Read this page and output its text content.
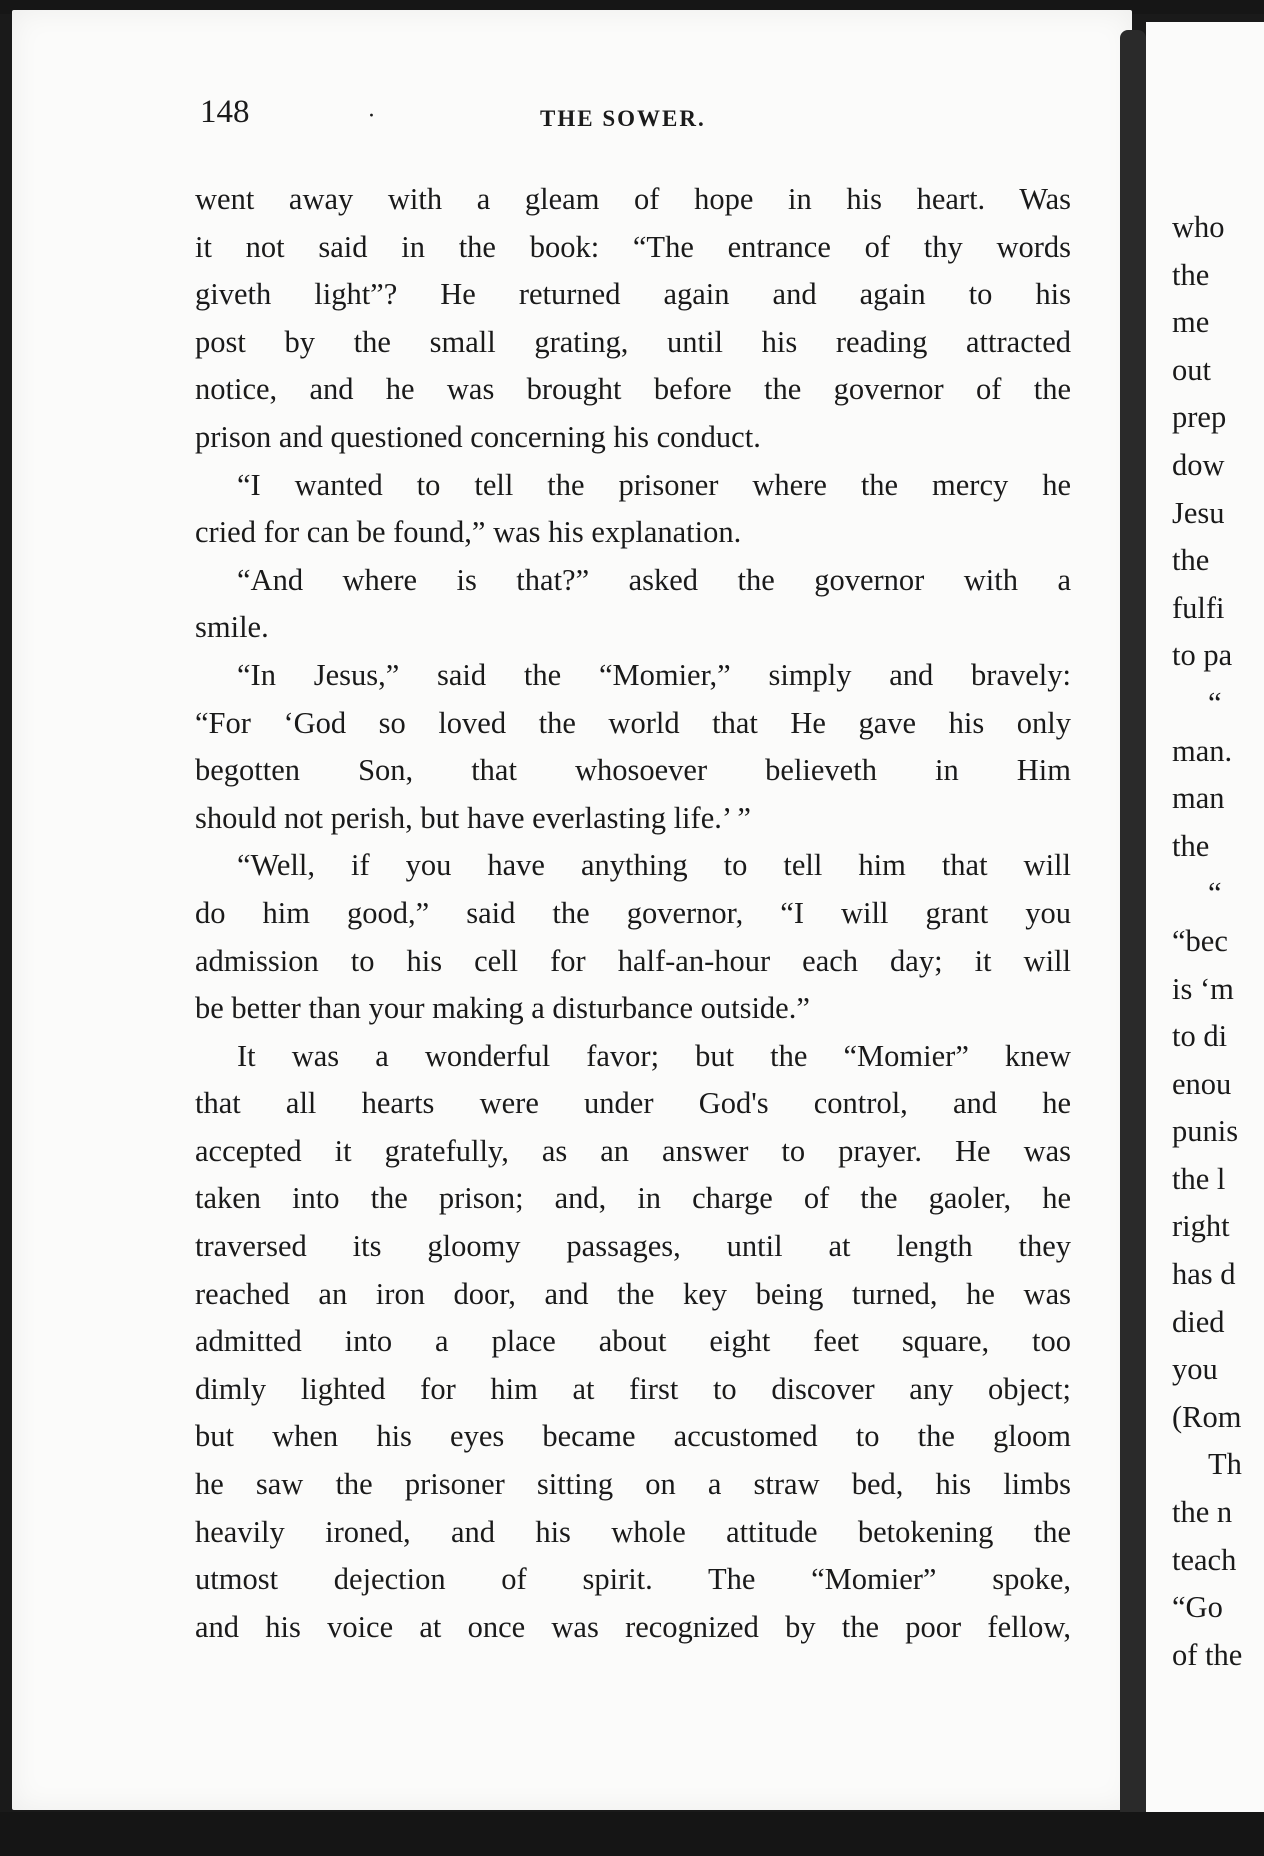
who
the
me
out
prep
dow
Jesu
the
fulfi
to pa
“
man.
man
the
“
“bec
is ‘m
to di
enou
punis
the l
right
has d
died
you
(Rom
Th
the n
teach
“Go
of the
148	·	THE SOWER.
went away with a gleam of hope in his heart. Was
it not said in the book: “The entrance of thy words
giveth light”? He returned again and again to his
post by the small grating, until his reading attracted
notice, and he was brought before the governor of the
prison and questioned concerning his conduct.
“I wanted to tell the prisoner where the mercy he
cried for can be found,” was his explanation.
“And where is that?” asked the governor with a
smile.
“In Jesus,” said the “Momier,” simply and bravely:
“For ‘God so loved the world that He gave his only
begotten Son, that whosoever believeth in Him
should not perish, but have everlasting life.’ ”
“Well, if you have anything to tell him that will
do him good,” said the governor, “I will grant you
admission to his cell for half-an-hour each day; it will
be better than your making a disturbance outside.”
It was a wonderful favor; but the “Momier” knew
that all hearts were under God's control, and he
accepted it gratefully, as an answer to prayer. He was
taken into the prison; and, in charge of the gaoler, he
traversed its gloomy passages, until at length they
reached an iron door, and the key being turned, he was
admitted into a place about eight feet square, too
dimly lighted for him at first to discover any object;
but when his eyes became accustomed to the gloom
he saw the prisoner sitting on a straw bed, his limbs
heavily ironed, and his whole attitude betokening the
utmost dejection of spirit. The “Momier” spoke,
and his voice at once was recognized by the poor fellow,
